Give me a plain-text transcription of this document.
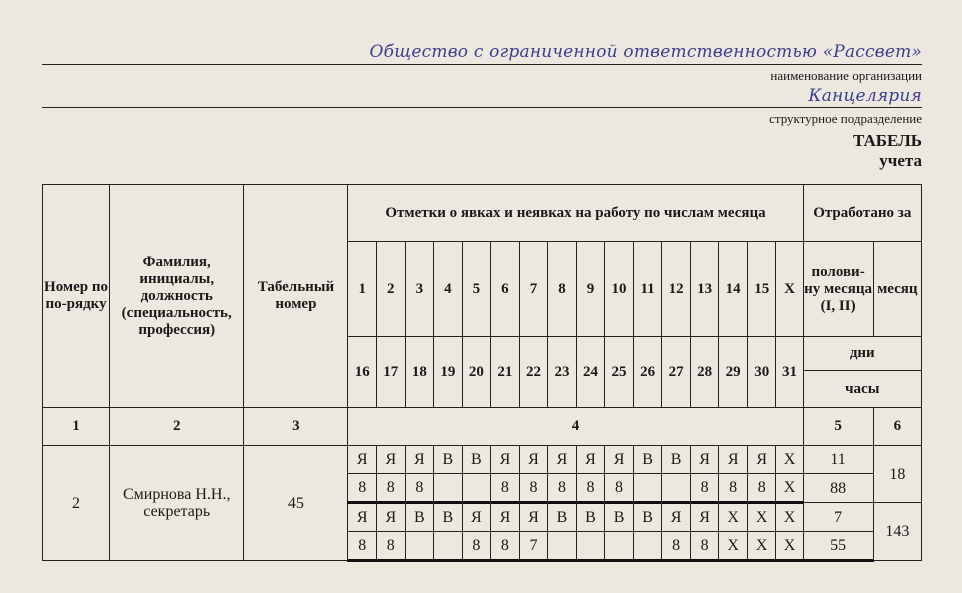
Общество с ограниченной ответственностью «Рассвет»
наименование организации
Канцелярия
структурное подразделение
ТАБЕЛЬ
учета
Номер по по-рядку	Фамилия, инициалы, должность (специальность, профессия)	Табельный номер	Отметки о явках и неявках на работу по числам месяца																Отработано за	
			1	2	3	4	5	6	7	8	9	10	11	12	13	14	15	X	полови-ну месяца (I, II)	месяц
			16	17	18	19	20	21	22	23	24	25	26	27	28	29	30	31	дни	
																			часы	
1	2	3	4																5	6
2	Смирнова Н.Н., секретарь	45	Я	Я	Я	В	В	Я	Я	Я	Я	Я	В	В	Я	Я	Я	Х	11	18
			8	8	8			8	8	8	8	8			8	8	8	Х	88	
			Я	Я	В	В	Я	Я	Я	В	В	В	В	Я	Я	Х	Х	Х	7	143
			8	8			8	8	7					8	8	Х	Х	Х	55	
